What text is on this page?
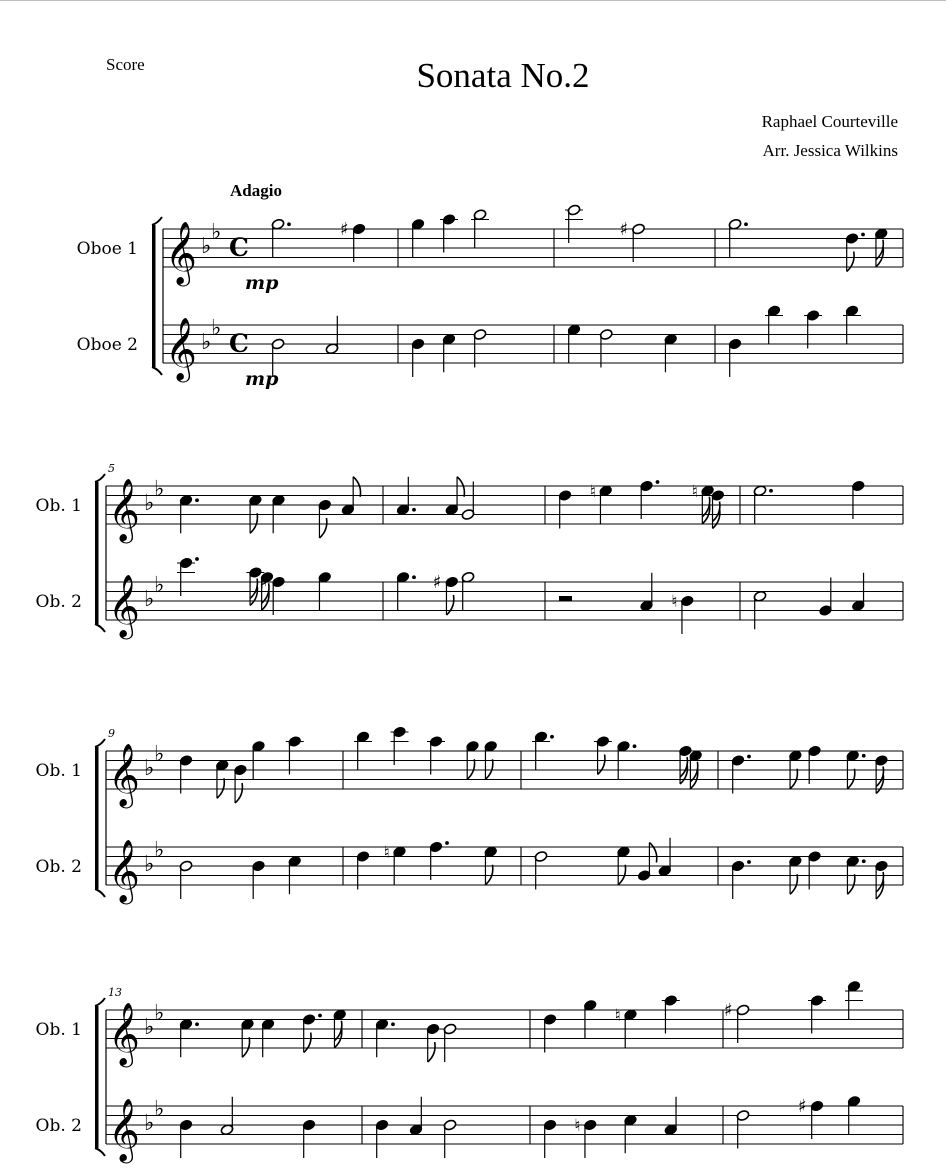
Score	Sonata No.2
Raphael Courteville
Arr. Jessica Wilkins
Adagio
Oboe 1 𝄞 ♭
♭
C
mp
♯	♯
Oboe 2 𝄞 ♭
♭
C
mp
5
Ob. 1 𝄞 ♭
♭	♮	♮
Ob. 2 𝄞 ♭
♭	♯	♯
♮
9
Ob. 1 𝄞 ♭
♭
Ob. 2 𝄞 ♭
♭	♮
13
Ob. 1 𝄞 ♭
♭	♮	♯
Ob. 2 𝄞 ♭
♭
♮
♯
